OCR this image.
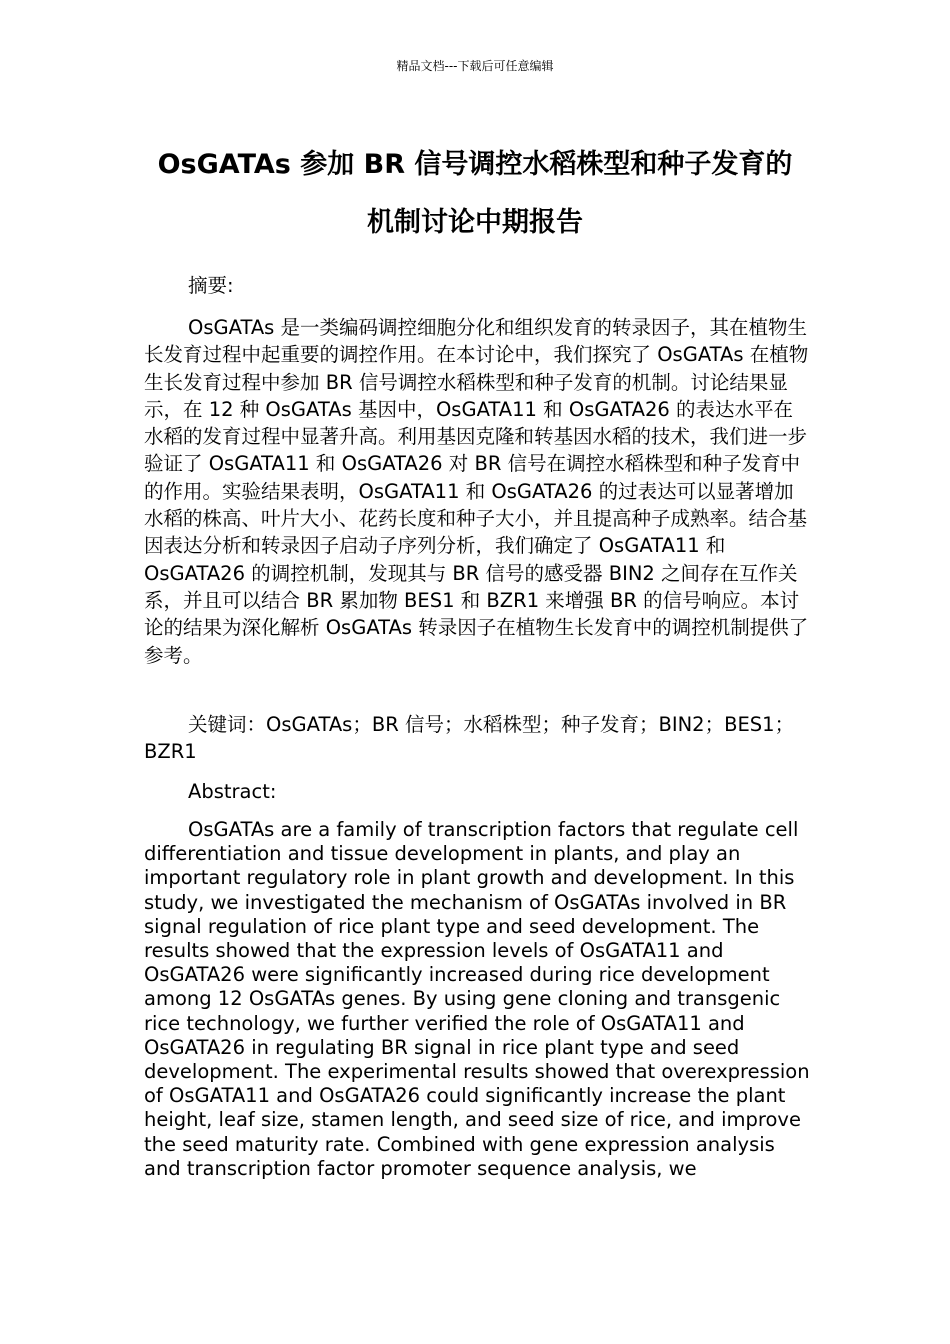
精品文档---下载后可任意编辑
OsGATAs 参加 BR 信号调控水稻株型和种子发育的
机制讨论中期报告

摘要:

OsGATAs 是一类编码调控细胞分化和组织发育的转录因子，其在植物生长发育过程中起重要的调控作用。在本讨论中，我们探究了 OsGATAs 在植物生长发育过程中参加 BR 信号调控水稻株型和种子发育的机制。讨论结果显示，在 12 种 OsGATAs 基因中，OsGATA11 和 OsGATA26 的表达水平在水稻的发育过程中显著升高。利用基因克隆和转基因水稻的技术，我们进一步验证了 OsGATA11 和 OsGATA26 对 BR 信号在调控水稻株型和种子发育中的作用。实验结果表明，OsGATA11 和 OsGATA26 的过表达可以显著增加水稻的株高、叶片大小、花药长度和种子大小，并且提高种子成熟率。结合基因表达分析和转录因子启动子序列分析，我们确定了 OsGATA11 和 OsGATA26 的调控机制，发现其与 BR 信号的感受器 BIN2 之间存在互作关系，并且可以结合 BR 累加物 BES1 和 BZR1 来增强 BR 的信号响应。本讨论的结果为深化解析 OsGATAs 转录因子在植物生长发育中的调控机制提供了参考。

关键词：OsGATAs；BR 信号；水稻株型；种子发育；BIN2；BES1；BZR1

Abstract:

OsGATAs are a family of transcription factors that regulate cell differentiation and tissue development in plants, and play an important regulatory role in plant growth and development. In this study, we investigated the mechanism of OsGATAs involved in BR signal regulation of rice plant type and seed development. The results showed that the expression levels of OsGATA11 and OsGATA26 were significantly increased during rice development among 12 OsGATAs genes. By using gene cloning and transgenic rice technology, we further verified the role of OsGATA11 and OsGATA26 in regulating BR signal in rice plant type and seed development. The experimental results showed that overexpression of OsGATA11 and OsGATA26 could significantly increase the plant height, leaf size, stamen length, and seed size of rice, and improve the seed maturity rate. Combined with gene expression analysis and transcription factor promoter sequence analysis, we
